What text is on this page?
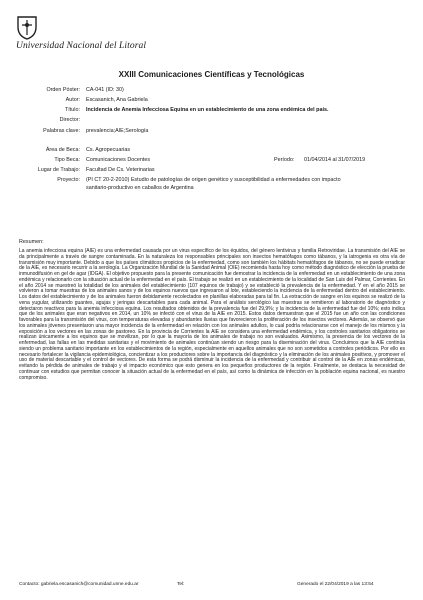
Universidad Nacional del Litoral
XXIII Comunicaciones Científicas y Tecnológicas
Orden Póster: CA-041 (ID: 30)
Autor: Escasanich, Ana Gabriela
Título: Incidencia de Anemia Infecciosa Equina en un establecimiento de una zona endémica del país.
Director:
Palabras clave: prevalencia;AIE;Serología
Área de Beca: Cs. Agropecuarias
Tipo Beca: Comunicaciones Docentes	Período: 01/04/2014 al 31/07/2019
Lugar de Trabajo: Facultad De Cs. Veterinarias
Proyecto: (PI CT 20-2-2010) Estudio de patologías de origen genético y susceptibilidad a enfermedades con impacto
sanitario-productivo en caballos de Argentina
Resumen:

La anemia infecciosa equina (AIE) es una enfermedad causada por un virus específico de los équidos, del género lentivirus y familia Retroviridae. La transmisión del AIE se da principalmente a través de sangre contaminada. En la naturaleza los responsables principales son insectos hematófagos como tábanos, y la iatrogenia es otra vía de transmisión muy importante. Debido a que los países climáticos propicios de la enfermedad, como son también los hábitats hematófagos de tábanos, no se puede erradicar de la AIE, es necesario recurrir a la serología. La Organización Mundial de la Sanidad Animal (OIE) recomienda hasta hoy como método diagnóstico de elección la prueba de inmunodifusión en gel de agar (IDGA). El objetivo propuesto para la presente comunicación fue demostrar la incidencia de la enfermedad en un establecimiento de una zona endémica y relacionarlo con la situación actual de la enfermedad en el país. El trabajo se realizó en un establecimiento de la localidad de San Luis del Palmar, Corrientes. En el año 2014 se muestreó la totalidad de los animales del establecimiento (107 equinos de trabajo) y se estableció la prevalencia de la enfermedad. Y en el año 2015 se volvieron a tomar muestras de los animales sanos y de los equinos nuevos que ingresaron al lote, estableciendo la incidencia de la enfermedad dentro del establecimiento. Los datos del establecimiento y de los animales fueron debidamente recolectados en planillas elaboradas para tal fin. La extracción de sangre en los equinos se realizó de la vena yugular, utilizando guantes, agujas y jeringas descartables para cada animal. Para el análisis serológico las muestras se remitieron al laboratorio de diagnóstico y detectaron reactivos para la anemia infecciosa equina. Los resultados obtenidos de la prevalencia fue del 29,9%; y la incidencia de la enfermedad fue del 10%; esto indica que de los animales que eran negativos en 2014, un 10% se infectó con el virus de la AIE en 2015. Estos datos demuestran que el 2015 fue un año con las condiciones favorables para la transmisión del virus, con temperaturas elevadas y abundantes lluvias que favorecieron la proliferación de los insectos vectores. Además, se observó que los animales jóvenes presentaron una mayor incidencia de la enfermedad en relación con los animales adultos, lo cual podría relacionarse con el manejo de los mismos y la exposición a los vectores en las zonas de pastoreo. En la provincia de Corrientes la AIE se considera una enfermedad endémica, y los controles sanitarios obligatorios se realizan únicamente a los equinos que se movilizan, por lo que la mayoría de los animales de trabajo no son evaluados. Asimismo, la presencia de los vectores de la enfermedad, las fallas en las medidas sanitarias y el movimiento de animales continúan siendo un riesgo para la diseminación del virus. Concluimos que la AIE continúa siendo un problema sanitario importante en los establecimientos de la región, especialmente en aquellos animales que no son sometidos a controles periódicos. Por ello es necesario fortalecer la vigilancia epidemiológica, concientizar a los productores sobre la importancia del diagnóstico y la eliminación de los animales positivos, y promover el uso de material descartable y el control de vectores. De esta forma se podrá disminuir la incidencia de la enfermedad y contribuir al control de la AIE en zonas endémicas, evitando la pérdida de animales de trabajo y el impacto económico que esto genera en los pequeños productores de la región. Finalmente, se destaca la necesidad de continuar con estudios que permitan conocer la situación actual de la enfermedad en el país, así como la dinámica de infección en la población equina nacional, es nuestro compromiso.

Contacto: gabriela.escasanich@comunidad.unne.edu.ar	Tel:	Generado el 22/04/2019 a las 13:54
